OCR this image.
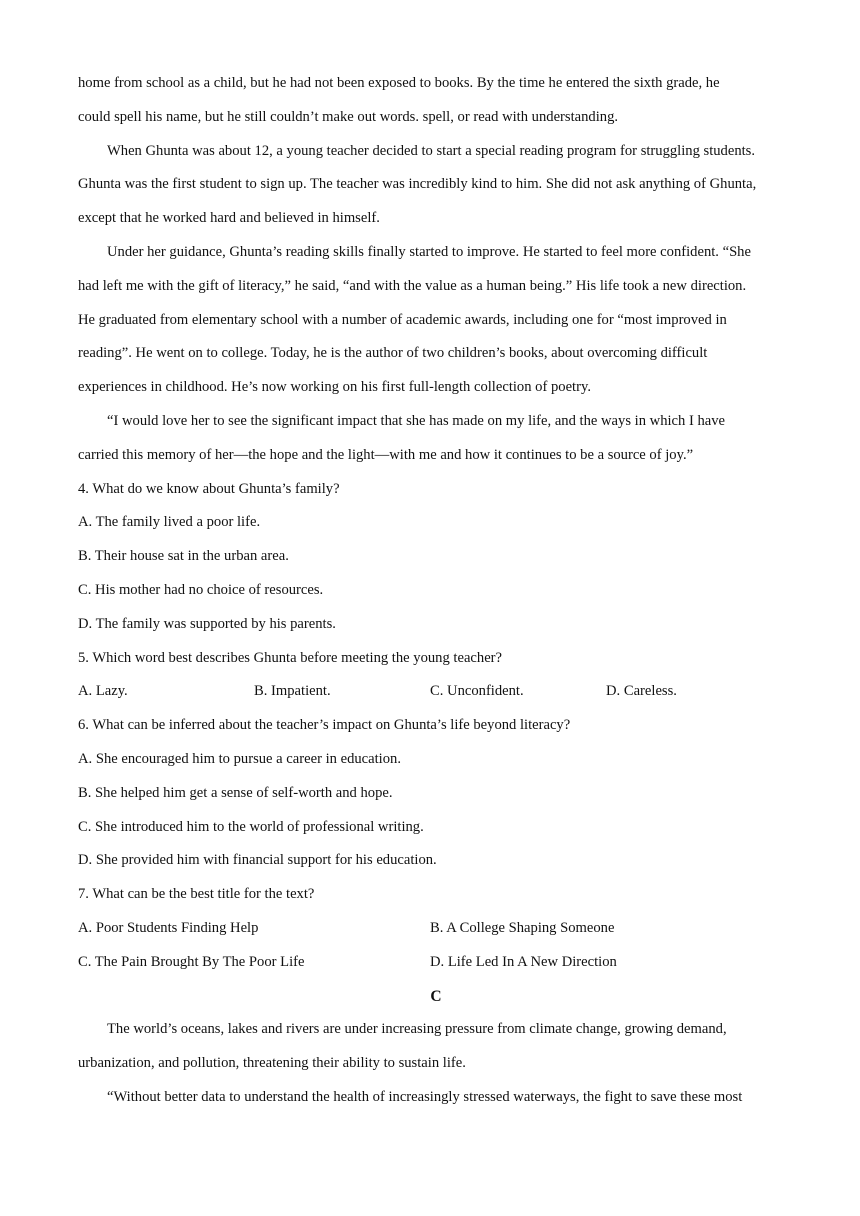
home from school as a child, but he had not been exposed to books. By the time he entered the sixth grade, he
could spell his name, but he still couldn’t make out words. spell, or read with understanding.
When Ghunta was about 12, a young teacher decided to start a special reading program for struggling students.
Ghunta was the first student to sign up. The teacher was incredibly kind to him. She did not ask anything of Ghunta,
except that he worked hard and believed in himself.
Under her guidance, Ghunta’s reading skills finally started to improve. He started to feel more confident. “She
had left me with the gift of literacy,” he said, “and with the value as a human being.” His life took a new direction.
He graduated from elementary school with a number of academic awards, including one for “most improved in
reading”. He went on to college. Today, he is the author of two children’s books, about overcoming difficult
experiences in childhood. He’s now working on his first full-length collection of poetry.
“I would love her to see the significant impact that she has made on my life, and the ways in which I have
carried this memory of her—the hope and the light—with me and how it continues to be a source of joy.”
4. What do we know about Ghunta’s family?
A. The family lived a poor life.
B. Their house sat in the urban area.
C. His mother had no choice of resources.
D. The family was supported by his parents.
5. Which word best describes Ghunta before meeting the young teacher?
A. Lazy.	B. Impatient.	C. Unconfident.	D. Careless.
6. What can be inferred about the teacher’s impact on Ghunta’s life beyond literacy?
A. She encouraged him to pursue a career in education.
B. She helped him get a sense of self-worth and hope.
C. She introduced him to the world of professional writing.
D. She provided him with financial support for his education.
7. What can be the best title for the text?
A. Poor Students Finding Help	B. A College Shaping Someone
C. The Pain Brought By The Poor Life	D. Life Led In A New Direction
C
The world’s oceans, lakes and rivers are under increasing pressure from climate change, growing demand,
urbanization, and pollution, threatening their ability to sustain life.
“Without better data to understand the health of increasingly stressed waterways, the fight to save these most
